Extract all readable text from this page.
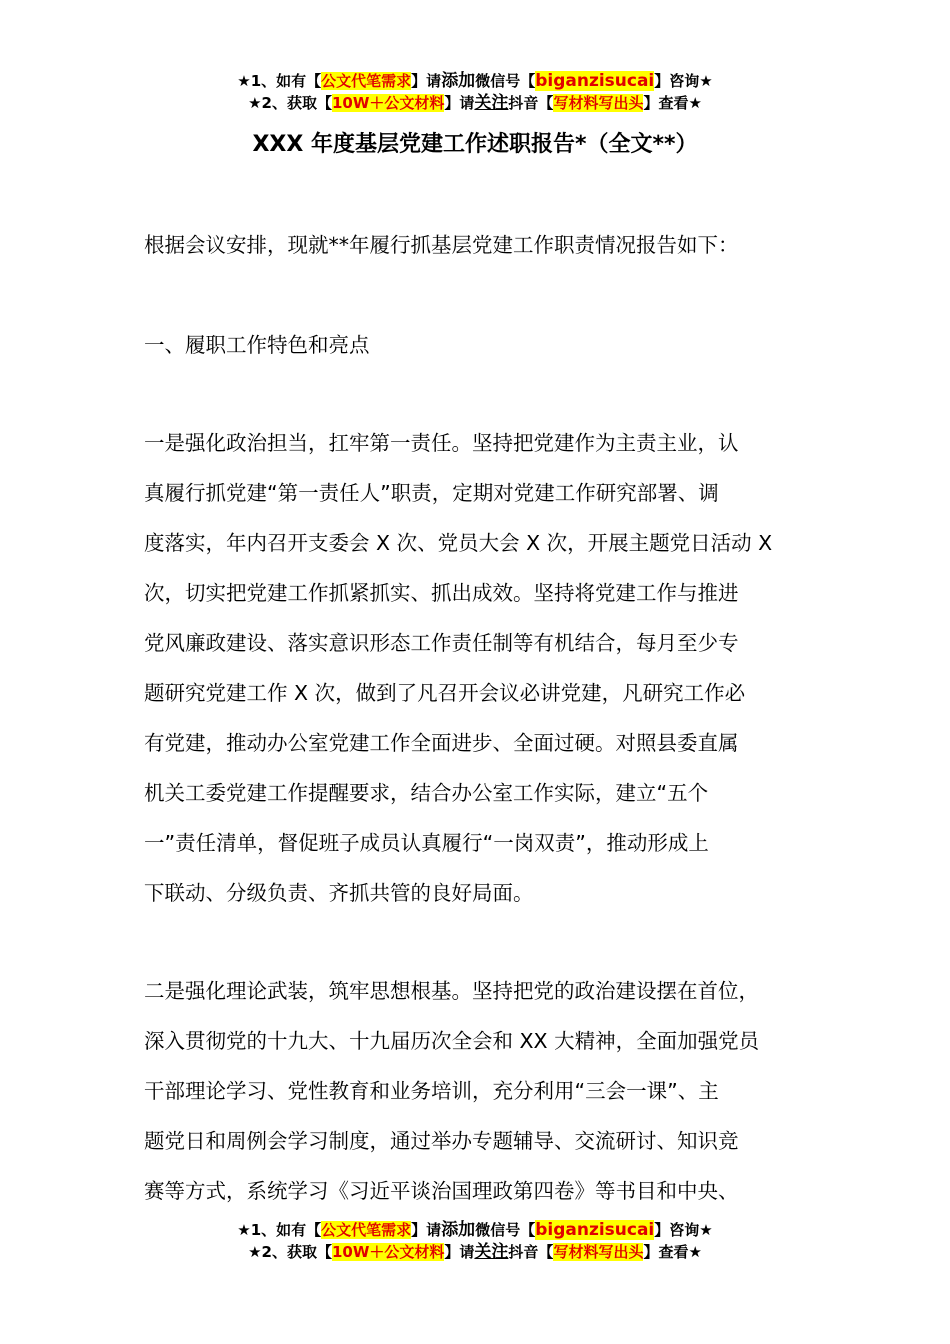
★1、如有【公文代笔需求】请添加微信号【biganzisucai】咨询★
★2、获取【10W＋公文材料】请关注抖音【写材料写出头】查看★
XXX 年度基层党建工作述职报告*（全文**）
根据会议安排，现就**年履行抓基层党建工作职责情况报告如下：
一、履职工作特色和亮点
一是强化政治担当，扛牢第一责任。坚持把党建作为主责主业，认
真履行抓党建“第一责任人”职责，定期对党建工作研究部署、调
度落实，年内召开支委会 X 次、党员大会 X 次，开展主题党日活动 X
次，切实把党建工作抓紧抓实、抓出成效。坚持将党建工作与推进
党风廉政建设、落实意识形态工作责任制等有机结合，每月至少专
题研究党建工作 X 次，做到了凡召开会议必讲党建，凡研究工作必
有党建，推动办公室党建工作全面进步、全面过硬。对照县委直属
机关工委党建工作提醒要求，结合办公室工作实际，建立“五个
一”责任清单，督促班子成员认真履行“一岗双责”，推动形成上
下联动、分级负责、齐抓共管的良好局面。
二是强化理论武装，筑牢思想根基。坚持把党的政治建设摆在首位，
深入贯彻党的十九大、十九届历次全会和 XX 大精神，全面加强党员
干部理论学习、党性教育和业务培训，充分利用“三会一课”、主
题党日和周例会学习制度，通过举办专题辅导、交流研讨、知识竞
赛等方式，系统学习《习近平谈治国理政第四卷》等书目和中央、
★1、如有【公文代笔需求】请添加微信号【biganzisucai】咨询★
★2、获取【10W＋公文材料】请关注抖音【写材料写出头】查看★
